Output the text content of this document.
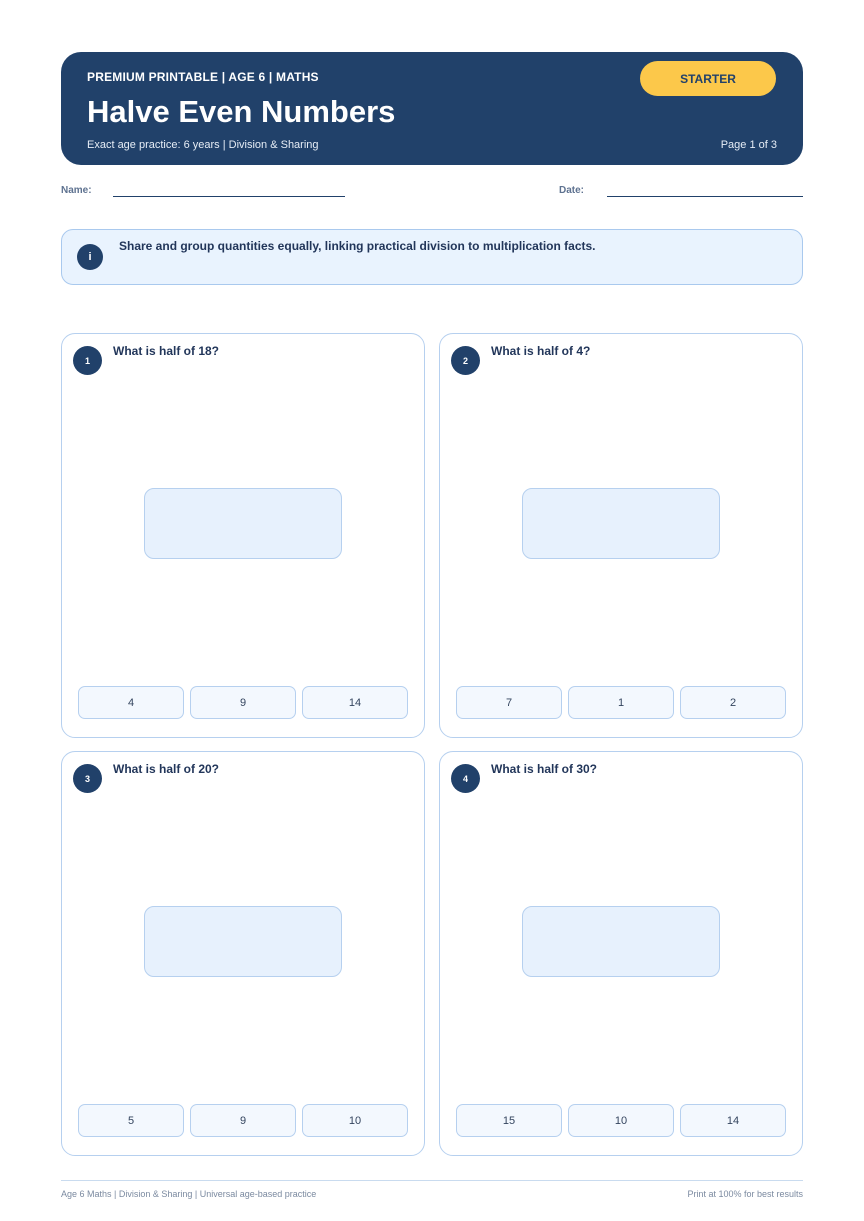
PREMIUM PRINTABLE | AGE 6 | MATHS
Halve Even Numbers
Exact age practice: 6 years | Division & Sharing	Page 1 of 3
STARTER
Name:	Date:
i
Share and group quantities equally, linking practical division to multiplication facts.
1
What is half of 18?
4	9	14
2
What is half of 4?
7	1	2
3
What is half of 20?
5	9	10
4
What is half of 30?
15	10	14
Age 6 Maths | Division & Sharing | Universal age-based practice	Print at 100% for best results
